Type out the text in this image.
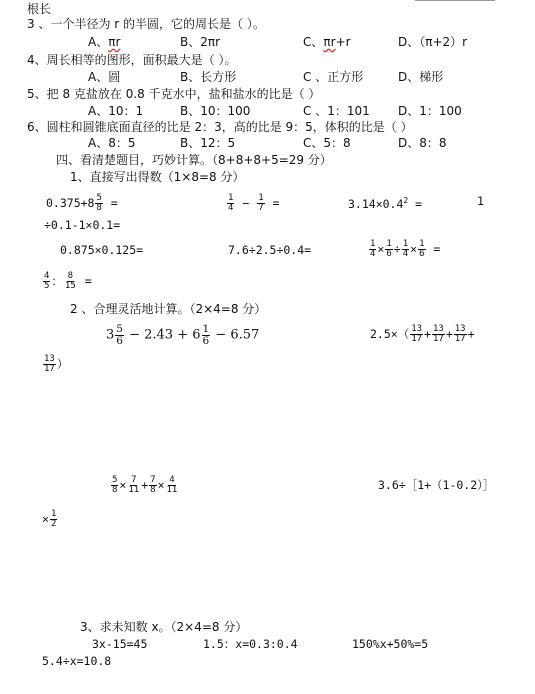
根长
3 、一个半径为 r 的半圆，它的周长是（ ）。
A、πr	B、2πr	C、πr+r	D、（π+2）r
4、周长相等的图形，面积最大是（ ）。
A、圆	B、长方形	C 、正方形	D、梯形
5、把 8 克盐放在 0.8 千克水中，盐和盐水的比是（ ）
A、10：1	B、10：100	C 、1：101 D、1：100
6、圆柱和圆锥底面直径的比是 2：3，高的比是 9：5，体积的比是（ ）
A、8：5	B、12：5	C、5：8	D、8：8
四、看清楚题目，巧妙计算。（8+8+8+5=29 分）
1、直接写出得数（1×8=8 分）
$0.375+8 \frac{5}{8}$ =	$\frac{1}{4} - \frac{1}{7}$ =	$3.14\times 0.4^2$ =	1
÷0.1-1×0.1=
0.875×0.125=	7.6÷2.5÷0.4=	$\frac{1}{4} \times \frac{1}{6} \div \frac{1}{4} \times \frac{1}{6}$ =
$\frac{4}{5}$ ： $\frac{8}{15}$ =
2 、合理灵活地计算。（2×4=8 分）
$3 \frac{5}{6} - 2.43 + 6 \frac{1}{6} - 6.57$	$2.5\times( \frac{13}{17} + \frac{13}{17} + \frac{13}{17}$ +
$\frac{13}{17}$ ）
$\frac{5}{8} \times \frac{7}{11} + \frac{7}{8} \times \frac{4}{11}$	3.6÷［1+（1-0.2）］
× $\frac{1}{2}$
3、求未知数 x。（2×4=8 分）
3x-15=45	1.5：x=0.3:0.4	150%x+50%=5
5.4÷x=10.8
